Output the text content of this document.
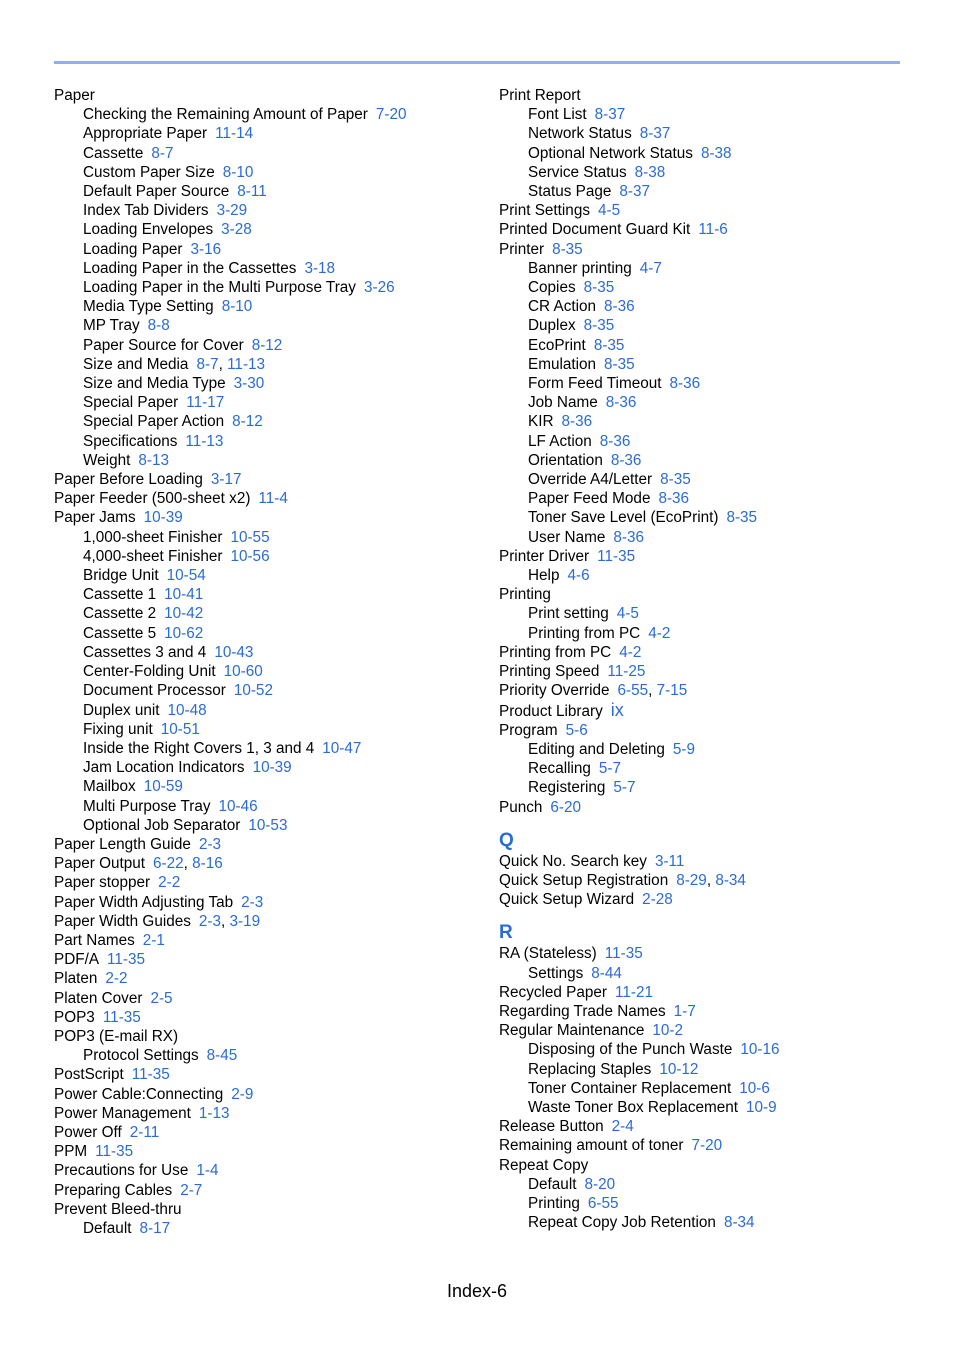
Paper
Checking the Remaining Amount of Paper 7-20
Appropriate Paper 11-14
Cassette 8-7
Custom Paper Size 8-10
Default Paper Source 8-11
Index Tab Dividers 3-29
Loading Envelopes 3-28
Loading Paper 3-16
Loading Paper in the Cassettes 3-18
Loading Paper in the Multi Purpose Tray 3-26
Media Type Setting 8-10
MP Tray 8-8
Paper Source for Cover 8-12
Size and Media 8-7, 11-13
Size and Media Type 3-30
Special Paper 11-17
Special Paper Action 8-12
Specifications 11-13
Weight 8-13
Paper Before Loading 3-17
Paper Feeder (500-sheet x2) 11-4
Paper Jams 10-39
1,000-sheet Finisher 10-55
4,000-sheet Finisher 10-56
Bridge Unit 10-54
Cassette 1 10-41
Cassette 2 10-42
Cassette 5 10-62
Cassettes 3 and 4 10-43
Center-Folding Unit 10-60
Document Processor 10-52
Duplex unit 10-48
Fixing unit 10-51
Inside the Right Covers 1, 3 and 4 10-47
Jam Location Indicators 10-39
Mailbox 10-59
Multi Purpose Tray 10-46
Optional Job Separator 10-53
Paper Length Guide 2-3
Paper Output 6-22, 8-16
Paper stopper 2-2
Paper Width Adjusting Tab 2-3
Paper Width Guides 2-3, 3-19
Part Names 2-1
PDF/A 11-35
Platen 2-2
Platen Cover 2-5
POP3 11-35
POP3 (E-mail RX)
Protocol Settings 8-45
PostScript 11-35
Power Cable:Connecting 2-9
Power Management 1-13
Power Off 2-11
PPM 11-35
Precautions for Use 1-4
Preparing Cables 2-7
Prevent Bleed-thru
Default 8-17
Print Report
Font List 8-37
Network Status 8-37
Optional Network Status 8-38
Service Status 8-38
Status Page 8-37
Print Settings 4-5
Printed Document Guard Kit 11-6
Printer 8-35
Banner printing 4-7
Copies 8-35
CR Action 8-36
Duplex 8-35
EcoPrint 8-35
Emulation 8-35
Form Feed Timeout 8-36
Job Name 8-36
KIR 8-36
LF Action 8-36
Orientation 8-36
Override A4/Letter 8-35
Paper Feed Mode 8-36
Toner Save Level (EcoPrint) 8-35
User Name 8-36
Printer Driver 11-35
Help 4-6
Printing
Print setting 4-5
Printing from PC 4-2
Printing from PC 4-2
Printing Speed 11-25
Priority Override 6-55, 7-15
Product Library ix
Program 5-6
Editing and Deleting 5-9
Recalling 5-7
Registering 5-7
Punch 6-20
Q
Quick No. Search key 3-11
Quick Setup Registration 8-29, 8-34
Quick Setup Wizard 2-28
R
RA (Stateless) 11-35
Settings 8-44
Recycled Paper 11-21
Regarding Trade Names 1-7
Regular Maintenance 10-2
Disposing of the Punch Waste 10-16
Replacing Staples 10-12
Toner Container Replacement 10-6
Waste Toner Box Replacement 10-9
Release Button 2-4
Remaining amount of toner 7-20
Repeat Copy
Default 8-20
Printing 6-55
Repeat Copy Job Retention 8-34
Index-6
